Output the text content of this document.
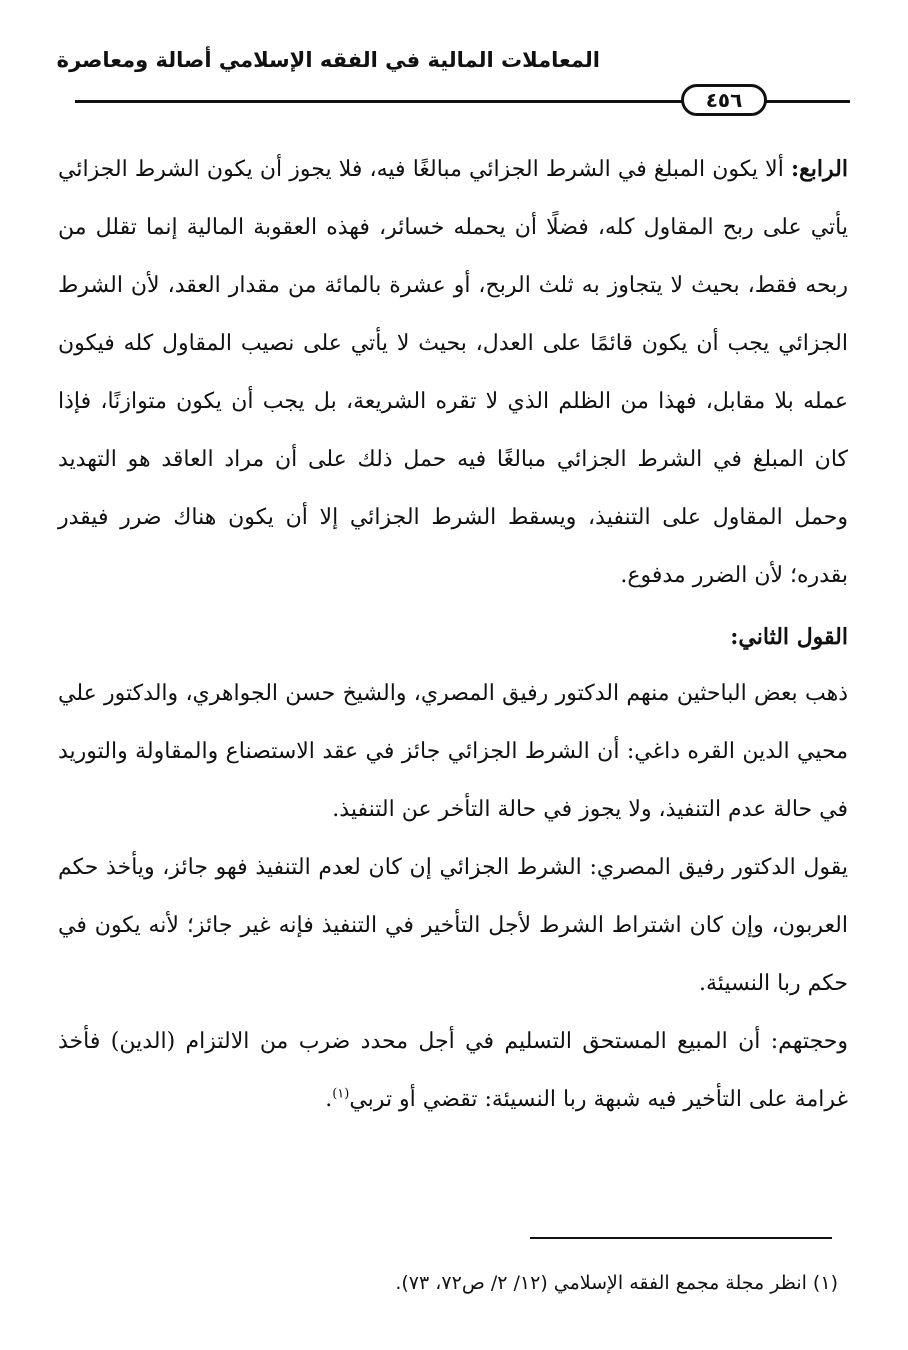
المعاملات المالية في الفقه الإسلامي أصالة ومعاصرة
٤٥٦

الرابع: ألا يكون المبلغ في الشرط الجزائي مبالغًا فيه، فلا يجوز أن يكون الشرط الجزائي يأتي على ربح المقاول كله، فضلًا أن يحمله خسائر، فهذه العقوبة المالية إنما تقلل من ربحه فقط، بحيث لا يتجاوز به ثلث الربح، أو عشرة بالمائة من مقدار العقد، لأن الشرط الجزائي يجب أن يكون قائمًا على العدل، بحيث لا يأتي على نصيب المقاول كله فيكون عمله بلا مقابل، فهذا من الظلم الذي لا تقره الشريعة، بل يجب أن يكون متوازنًا، فإذا كان المبلغ في الشرط الجزائي مبالغًا فيه حمل ذلك على أن مراد العاقد هو التهديد وحمل المقاول على التنفيذ، ويسقط الشرط الجزائي إلا أن يكون هناك ضرر فيقدر بقدره؛ لأن الضرر مدفوع.

القول الثاني:

ذهب بعض الباحثين منهم الدكتور رفيق المصري، والشيخ حسن الجواهري، والدكتور علي محيي الدين القره داغي: أن الشرط الجزائي جائز في عقد الاستصناع والمقاولة والتوريد في حالة عدم التنفيذ، ولا يجوز في حالة التأخر عن التنفيذ.

يقول الدكتور رفيق المصري: الشرط الجزائي إن كان لعدم التنفيذ فهو جائز، ويأخذ حكم العربون، وإن كان اشتراط الشرط لأجل التأخير في التنفيذ فإنه غير جائز؛ لأنه يكون في حكم ربا النسيئة.

وحجتهم: أن المبيع المستحق التسليم في أجل محدد ضرب من الالتزام (الدين) فأخذ غرامة على التأخير فيه شبهة ربا النسيئة: تقضي أو تربي$^{(١)}$.

(١) انظر مجلة مجمع الفقه الإسلامي (١٢/ ٢/ ص٧٢، ٧٣).
